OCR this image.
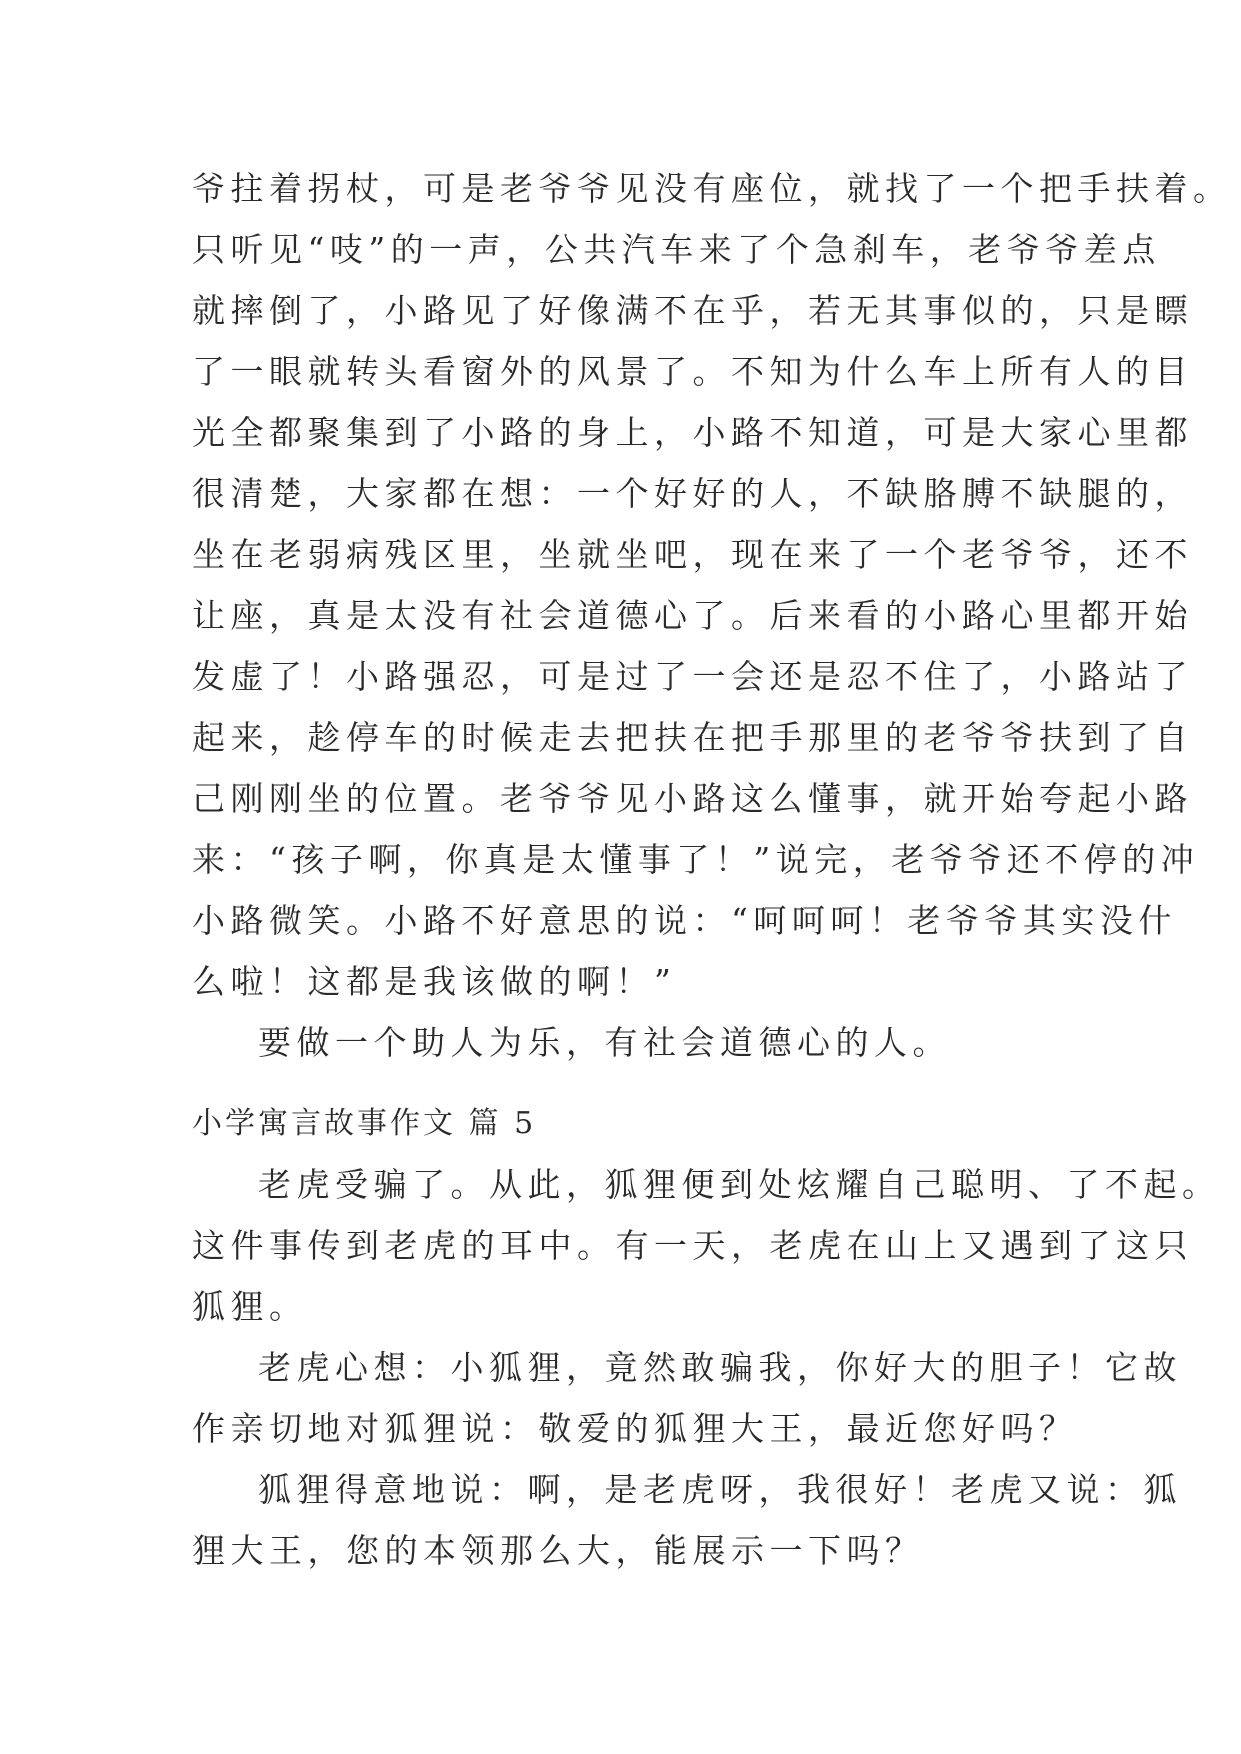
爷拄着拐杖，可是老爷爷见没有座位，就找了一个把手扶着。
只听见“吱”的一声，公共汽车来了个急刹车，老爷爷差点
就摔倒了，小路见了好像满不在乎，若无其事似的，只是瞟
了一眼就转头看窗外的风景了。不知为什么车上所有人的目
光全都聚集到了小路的身上，小路不知道，可是大家心里都
很清楚，大家都在想：一个好好的人，不缺胳膊不缺腿的，
坐在老弱病残区里，坐就坐吧，现在来了一个老爷爷，还不
让座，真是太没有社会道德心了。后来看的小路心里都开始
发虚了！小路强忍，可是过了一会还是忍不住了，小路站了
起来，趁停车的时候走去把扶在把手那里的老爷爷扶到了自
己刚刚坐的位置。老爷爷见小路这么懂事，就开始夸起小路
来：“孩子啊，你真是太懂事了！”说完，老爷爷还不停的冲
小路微笑。小路不好意思的说：“呵呵呵！老爷爷其实没什
么啦！这都是我该做的啊！”
要做一个助人为乐，有社会道德心的人。
小学寓言故事作文 篇 5
老虎受骗了。从此，狐狸便到处炫耀自己聪明、了不起。
这件事传到老虎的耳中。有一天，老虎在山上又遇到了这只
狐狸。
老虎心想：小狐狸，竟然敢骗我，你好大的胆子！它故
作亲切地对狐狸说：敬爱的狐狸大王，最近您好吗？
狐狸得意地说：啊，是老虎呀，我很好！老虎又说：狐
狸大王，您的本领那么大，能展示一下吗？
